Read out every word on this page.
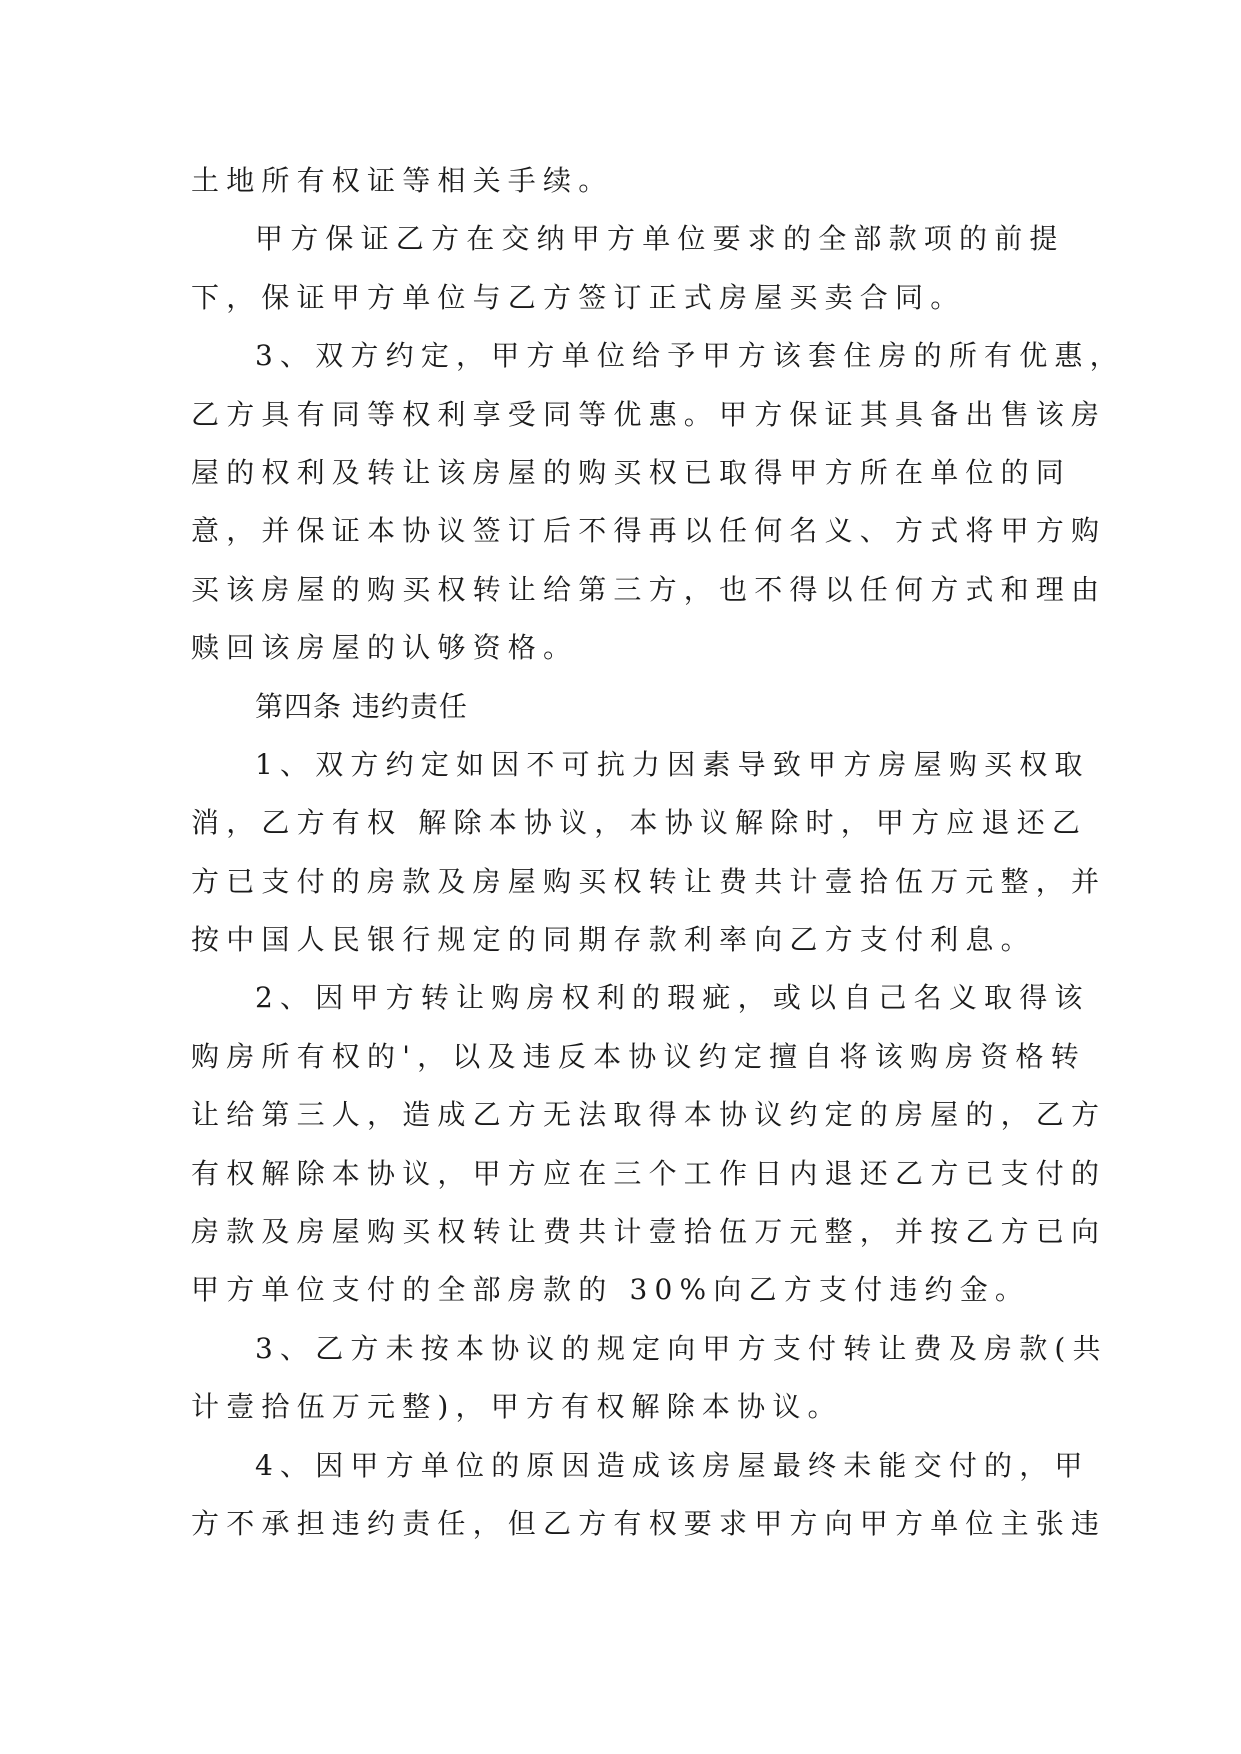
土地所有权证等相关手续。
甲方保证乙方在交纳甲方单位要求的全部款项的前提
下，保证甲方单位与乙方签订正式房屋买卖合同。
3、双方约定，甲方单位给予甲方该套住房的所有优惠，
乙方具有同等权利享受同等优惠。甲方保证其具备出售该房
屋的权利及转让该房屋的购买权已取得甲方所在单位的同
意，并保证本协议签订后不得再以任何名义、方式将甲方购
买该房屋的购买权转让给第三方，也不得以任何方式和理由
赎回该房屋的认够资格。
第四条 违约责任
1、双方约定如因不可抗力因素导致甲方房屋购买权取
消，乙方有权 解除本协议，本协议解除时，甲方应退还乙
方已支付的房款及房屋购买权转让费共计壹拾伍万元整，并
按中国人民银行规定的同期存款利率向乙方支付利息。
2、因甲方转让购房权利的瑕疵，或以自己名义取得该
购房所有权的'，以及违反本协议约定擅自将该购房资格转
让给第三人，造成乙方无法取得本协议约定的房屋的，乙方
有权解除本协议，甲方应在三个工作日内退还乙方已支付的
房款及房屋购买权转让费共计壹拾伍万元整，并按乙方已向
甲方单位支付的全部房款的 30%向乙方支付违约金。
3、乙方未按本协议的规定向甲方支付转让费及房款(共
计壹拾伍万元整)，甲方有权解除本协议。
4、因甲方单位的原因造成该房屋最终未能交付的，甲
方不承担违约责任，但乙方有权要求甲方向甲方单位主张违
